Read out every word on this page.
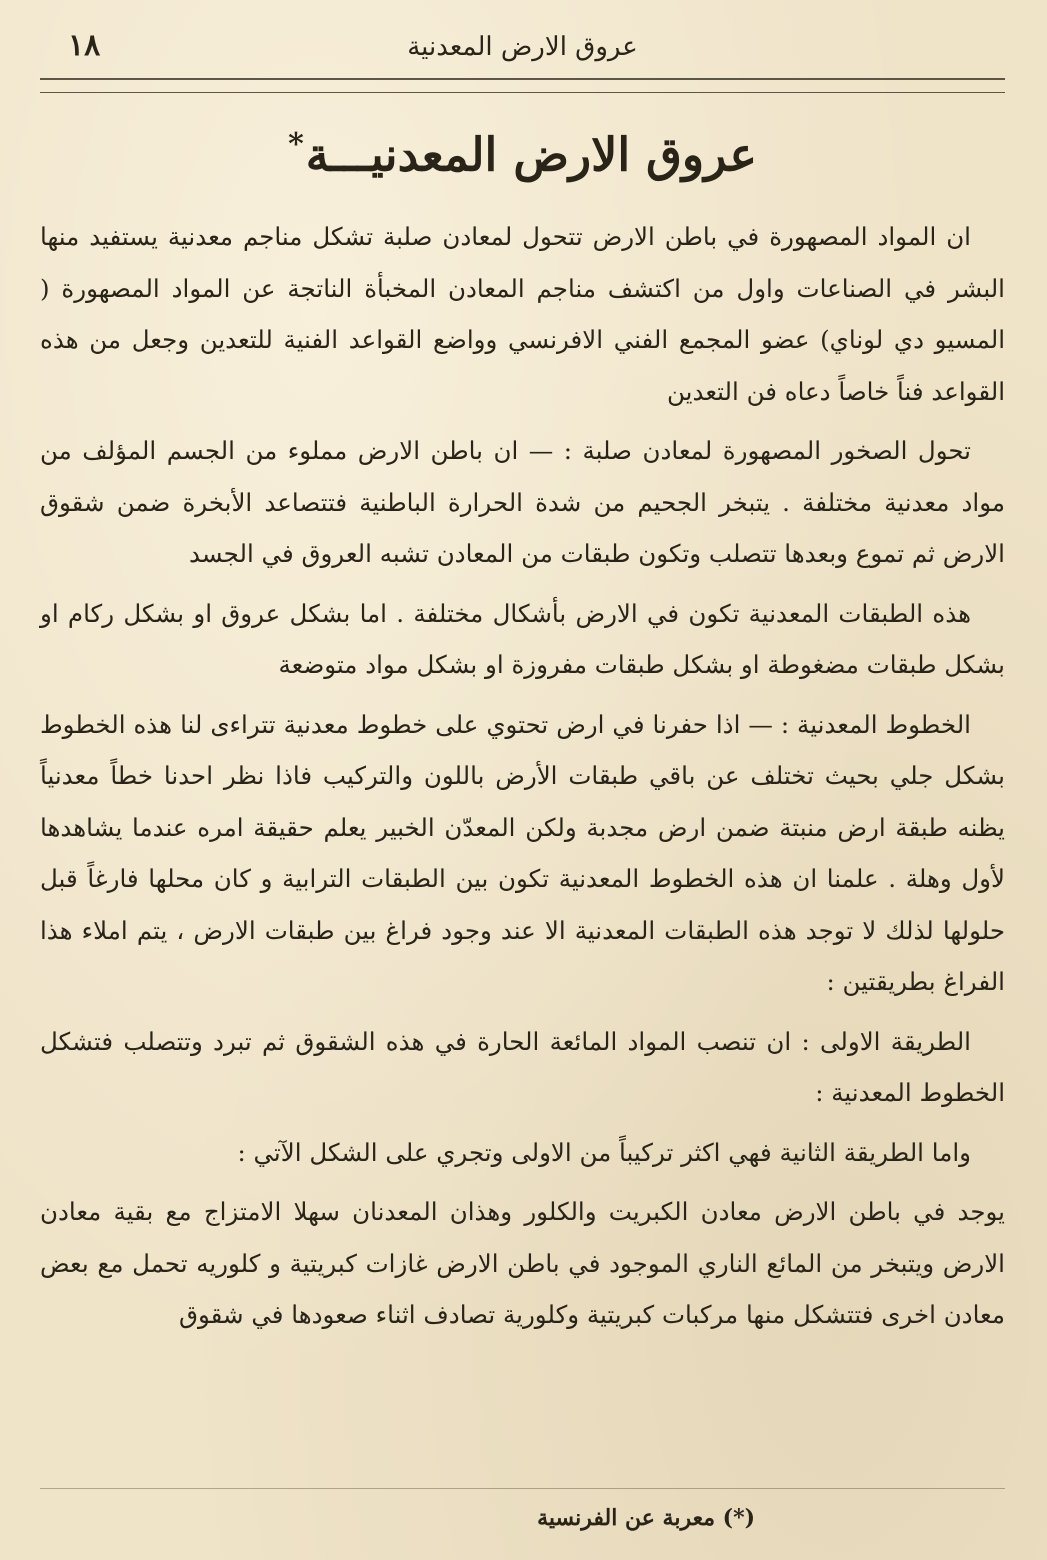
عروق الارض المعدنية
١٨
عروق الارض المعدنيـــة*

ان المواد المصهورة في باطن الارض تتحول لمعادن صلبة تشكل مناجم معدنية يستفيد منها البشر في الصناعات واول من اكتشف مناجم المعادن المخبأة الناتجة عن المواد المصهورة ( المسيو دي لوناي) عضو المجمع الفني الافرنسي وواضع القواعد الفنية للتعدين وجعل من هذه القواعد فناً خاصاً دعاه فن التعدين

تحول الصخور المصهورة لمعادن صلبة : — ان باطن الارض مملوء من الجسم المؤلف من مواد معدنية مختلفة . يتبخر الجحيم من شدة الحرارة الباطنية فتتصاعد الأبخرة ضمن شقوق الارض ثم تموع وبعدها تتصلب وتكون طبقات من المعادن تشبه العروق في الجسد

هذه الطبقات المعدنية تكون في الارض بأشكال مختلفة . اما بشكل عروق او بشكل ركام او بشكل طبقات مضغوطة او بشكل طبقات مفروزة او بشكل مواد متوضعة

الخطوط المعدنية : — اذا حفرنا في ارض تحتوي على خطوط معدنية تتراءى لنا هذه الخطوط بشكل جلي بحيث تختلف عن باقي طبقات الأرض باللون والتركيب فاذا نظر احدنا خطاً معدنياً يظنه طبقة ارض منبتة ضمن ارض مجدبة ولكن المعدّن الخبير يعلم حقيقة امره عندما يشاهدها لأول وهلة . علمنا ان هذه الخطوط المعدنية تكون بين الطبقات الترابية و كان محلها فارغاً قبل حلولها لذلك لا توجد هذه الطبقات المعدنية الا عند وجود فراغ بين طبقات الارض ، يتم املاء هذا الفراغ بطريقتين :

الطريقة الاولى : ان تنصب المواد المائعة الحارة في هذه الشقوق ثم تبرد وتتصلب فتشكل الخطوط المعدنية :

واما الطريقة الثانية فهي اكثر تركيباً من الاولى وتجري على الشكل الآتي :

يوجد في باطن الارض معادن الكبريت والكلور وهذان المعدنان سهلا الامتزاج مع بقية معادن الارض ويتبخر من المائع الناري الموجود في باطن الارض غازات كبريتية و كلوريه تحمل مع بعض معادن اخرى فتتشكل منها مركبات كبريتية وكلورية تصادف اثناء صعودها في شقوق

(*) معربة عن الفرنسية
